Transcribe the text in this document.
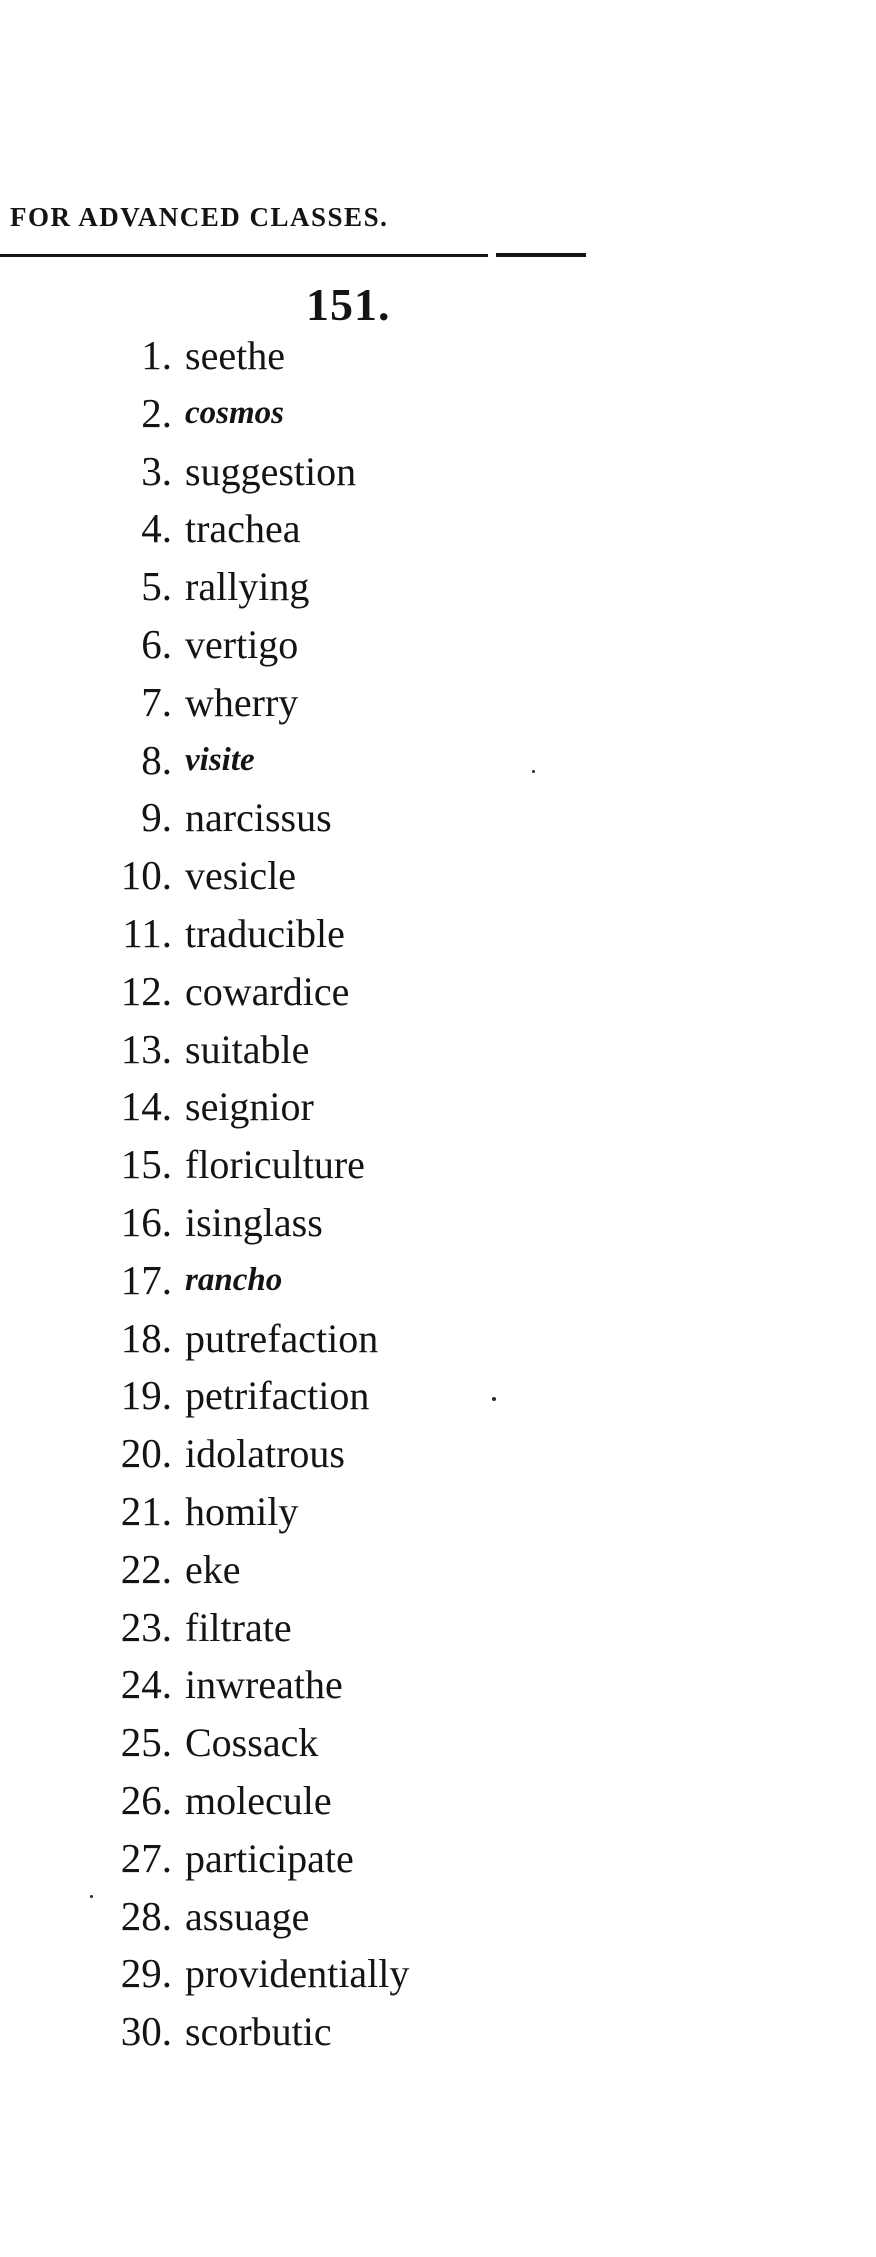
FOR ADVANCED CLASSES.
151.
1. seethe
2. cosmos
3. suggestion
4. trachea
5. rallying
6. vertigo
7. wherry
8. visite
9. narcissus
10. vesicle
11. traducible
12. cowardice
13. suitable
14. seignior
15. floriculture
16. isinglass
17. rancho
18. putrefaction
19. petrifaction
20. idolatrous
21. homily
22. eke
23. filtrate
24. inwreathe
25. Cossack
26. molecule
27. participate
28. assuage
29. providentially
30. scorbutic
